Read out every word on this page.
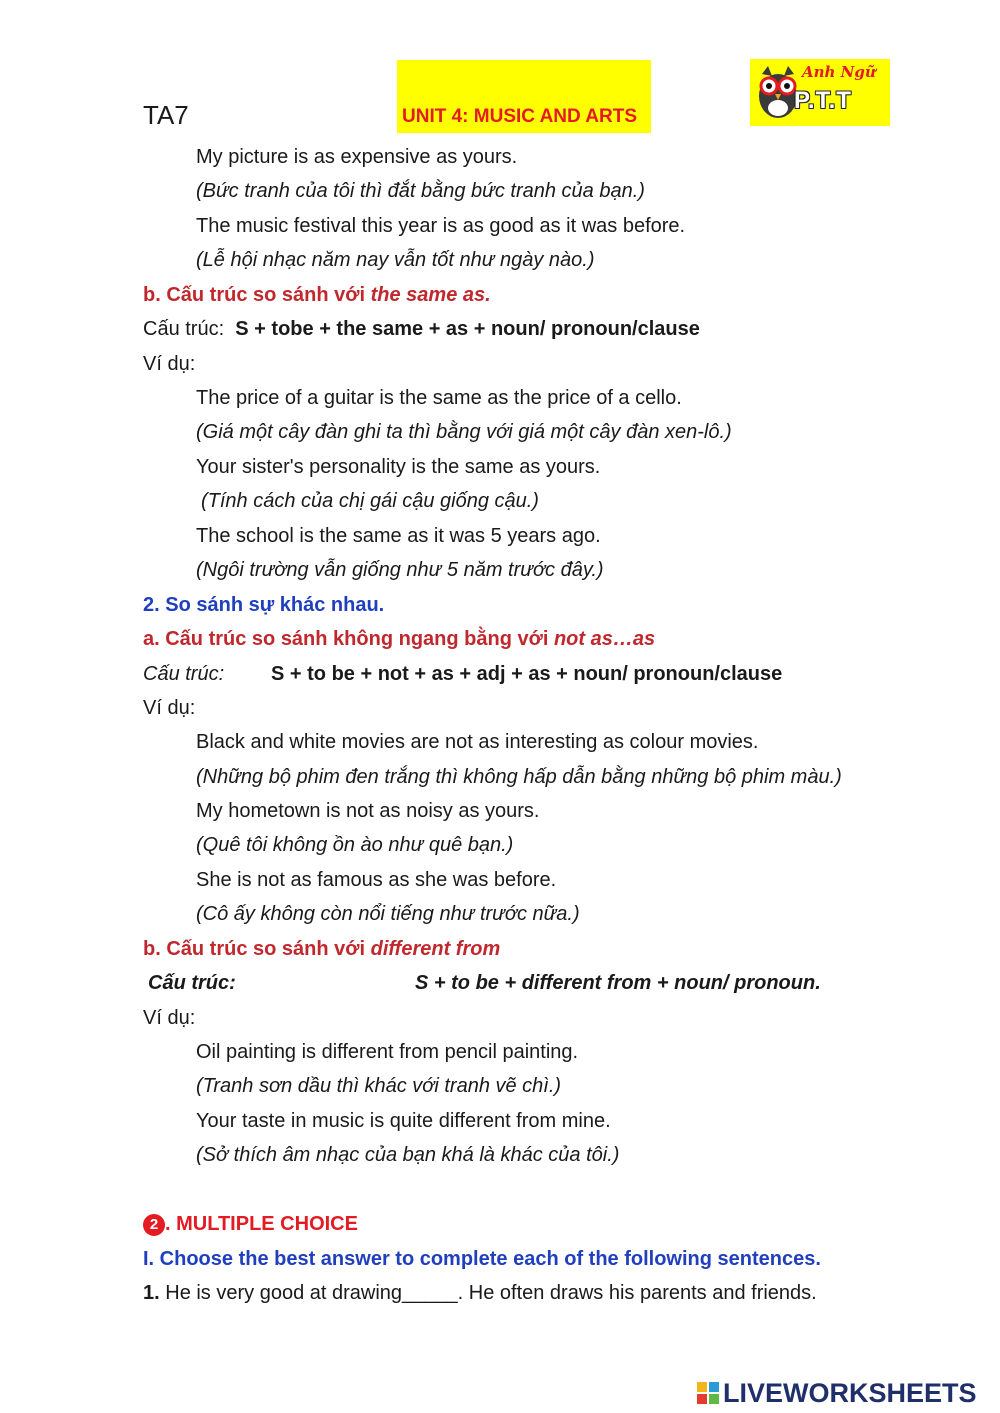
TA7	UNIT 4: MUSIC AND ARTS
Anh Ngữ
P.T.T
My picture is as expensive as yours.
(Bức tranh của tôi thì đắt bằng bức tranh của bạn.)
The music festival this year is as good as it was before.
(Lễ hội nhạc năm nay vẫn tốt như ngày nào.)
b. Cấu trúc so sánh với the same as.
Cấu trúc: S + tobe + the same + as + noun/ pronoun/clause
Ví dụ:
The price of a guitar is the same as the price of a cello.
(Giá một cây đàn ghi ta thì bằng với giá một cây đàn xen-lô.)
Your sister's personality is the same as yours.
(Tính cách của chị gái cậu giống cậu.)
The school is the same as it was 5 years ago.
(Ngôi trường vẫn giống như 5 năm trước đây.)
2. So sánh sự khác nhau.
a. Cấu trúc so sánh không ngang bằng với not as…as
Cấu trúc: S + to be + not + as + adj + as + noun/ pronoun/clause
Ví dụ:
Black and white movies are not as interesting as colour movies.
(Những bộ phim đen trắng thì không hấp dẫn bằng những bộ phim màu.)
My hometown is not as noisy as yours.
(Quê tôi không ồn ào như quê bạn.)
She is not as famous as she was before.
(Cô ấy không còn nổi tiếng như trước nữa.)
b. Cấu trúc so sánh với different from
Cấu trúc:	S + to be + different from + noun/ pronoun.
Ví dụ:
Oil painting is different from pencil painting.
(Tranh sơn dầu thì khác với tranh vẽ chì.)
Your taste in music is quite different from mine.
(Sở thích âm nhạc của bạn khá là khác của tôi.)
2 . MULTIPLE CHOICE
I. Choose the best answer to complete each of the following sentences.
1. He is very good at drawing_____. He often draws his parents and friends.
LIVEWORKSHEETS
